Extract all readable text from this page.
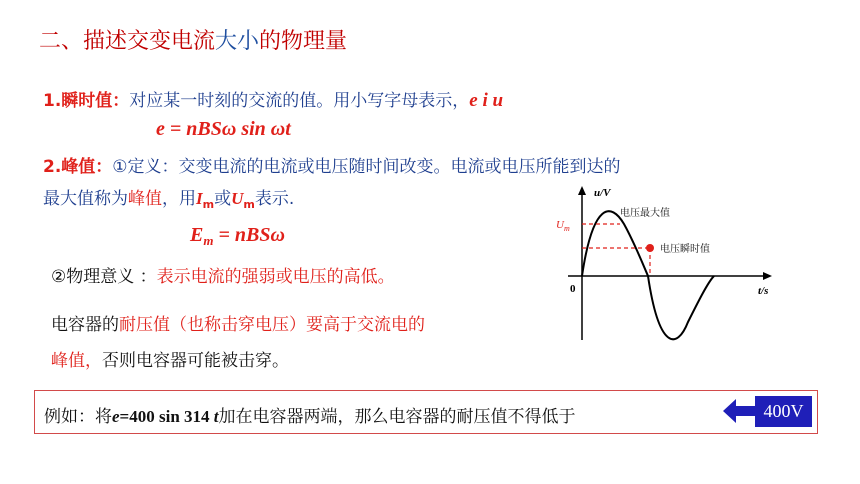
二、描述交变电流大小的物理量
1.瞬时值：对应某一时刻的交流的值。用小写字母表示，e i u
e = nBSω sin ωt
2.峰值：①定义：交变电流的电流或电压随时间改变。电流或电压所能到达的
最大值称为峰值，用$I_m$或$U_m$表示.
$E_m = nBS\omega$
②物理意义 ：表示电流的强弱或电压的高低。
电容器的耐压值（也称击穿电压）要高于交流电的
峰值，否则电容器可能被击穿。
u/V
t/s
0
$U_m$
电压最大值
电压瞬时值
例如：将e=400 sin 314 t加在电容器两端，那么电容器的耐压值不得低于	400V
